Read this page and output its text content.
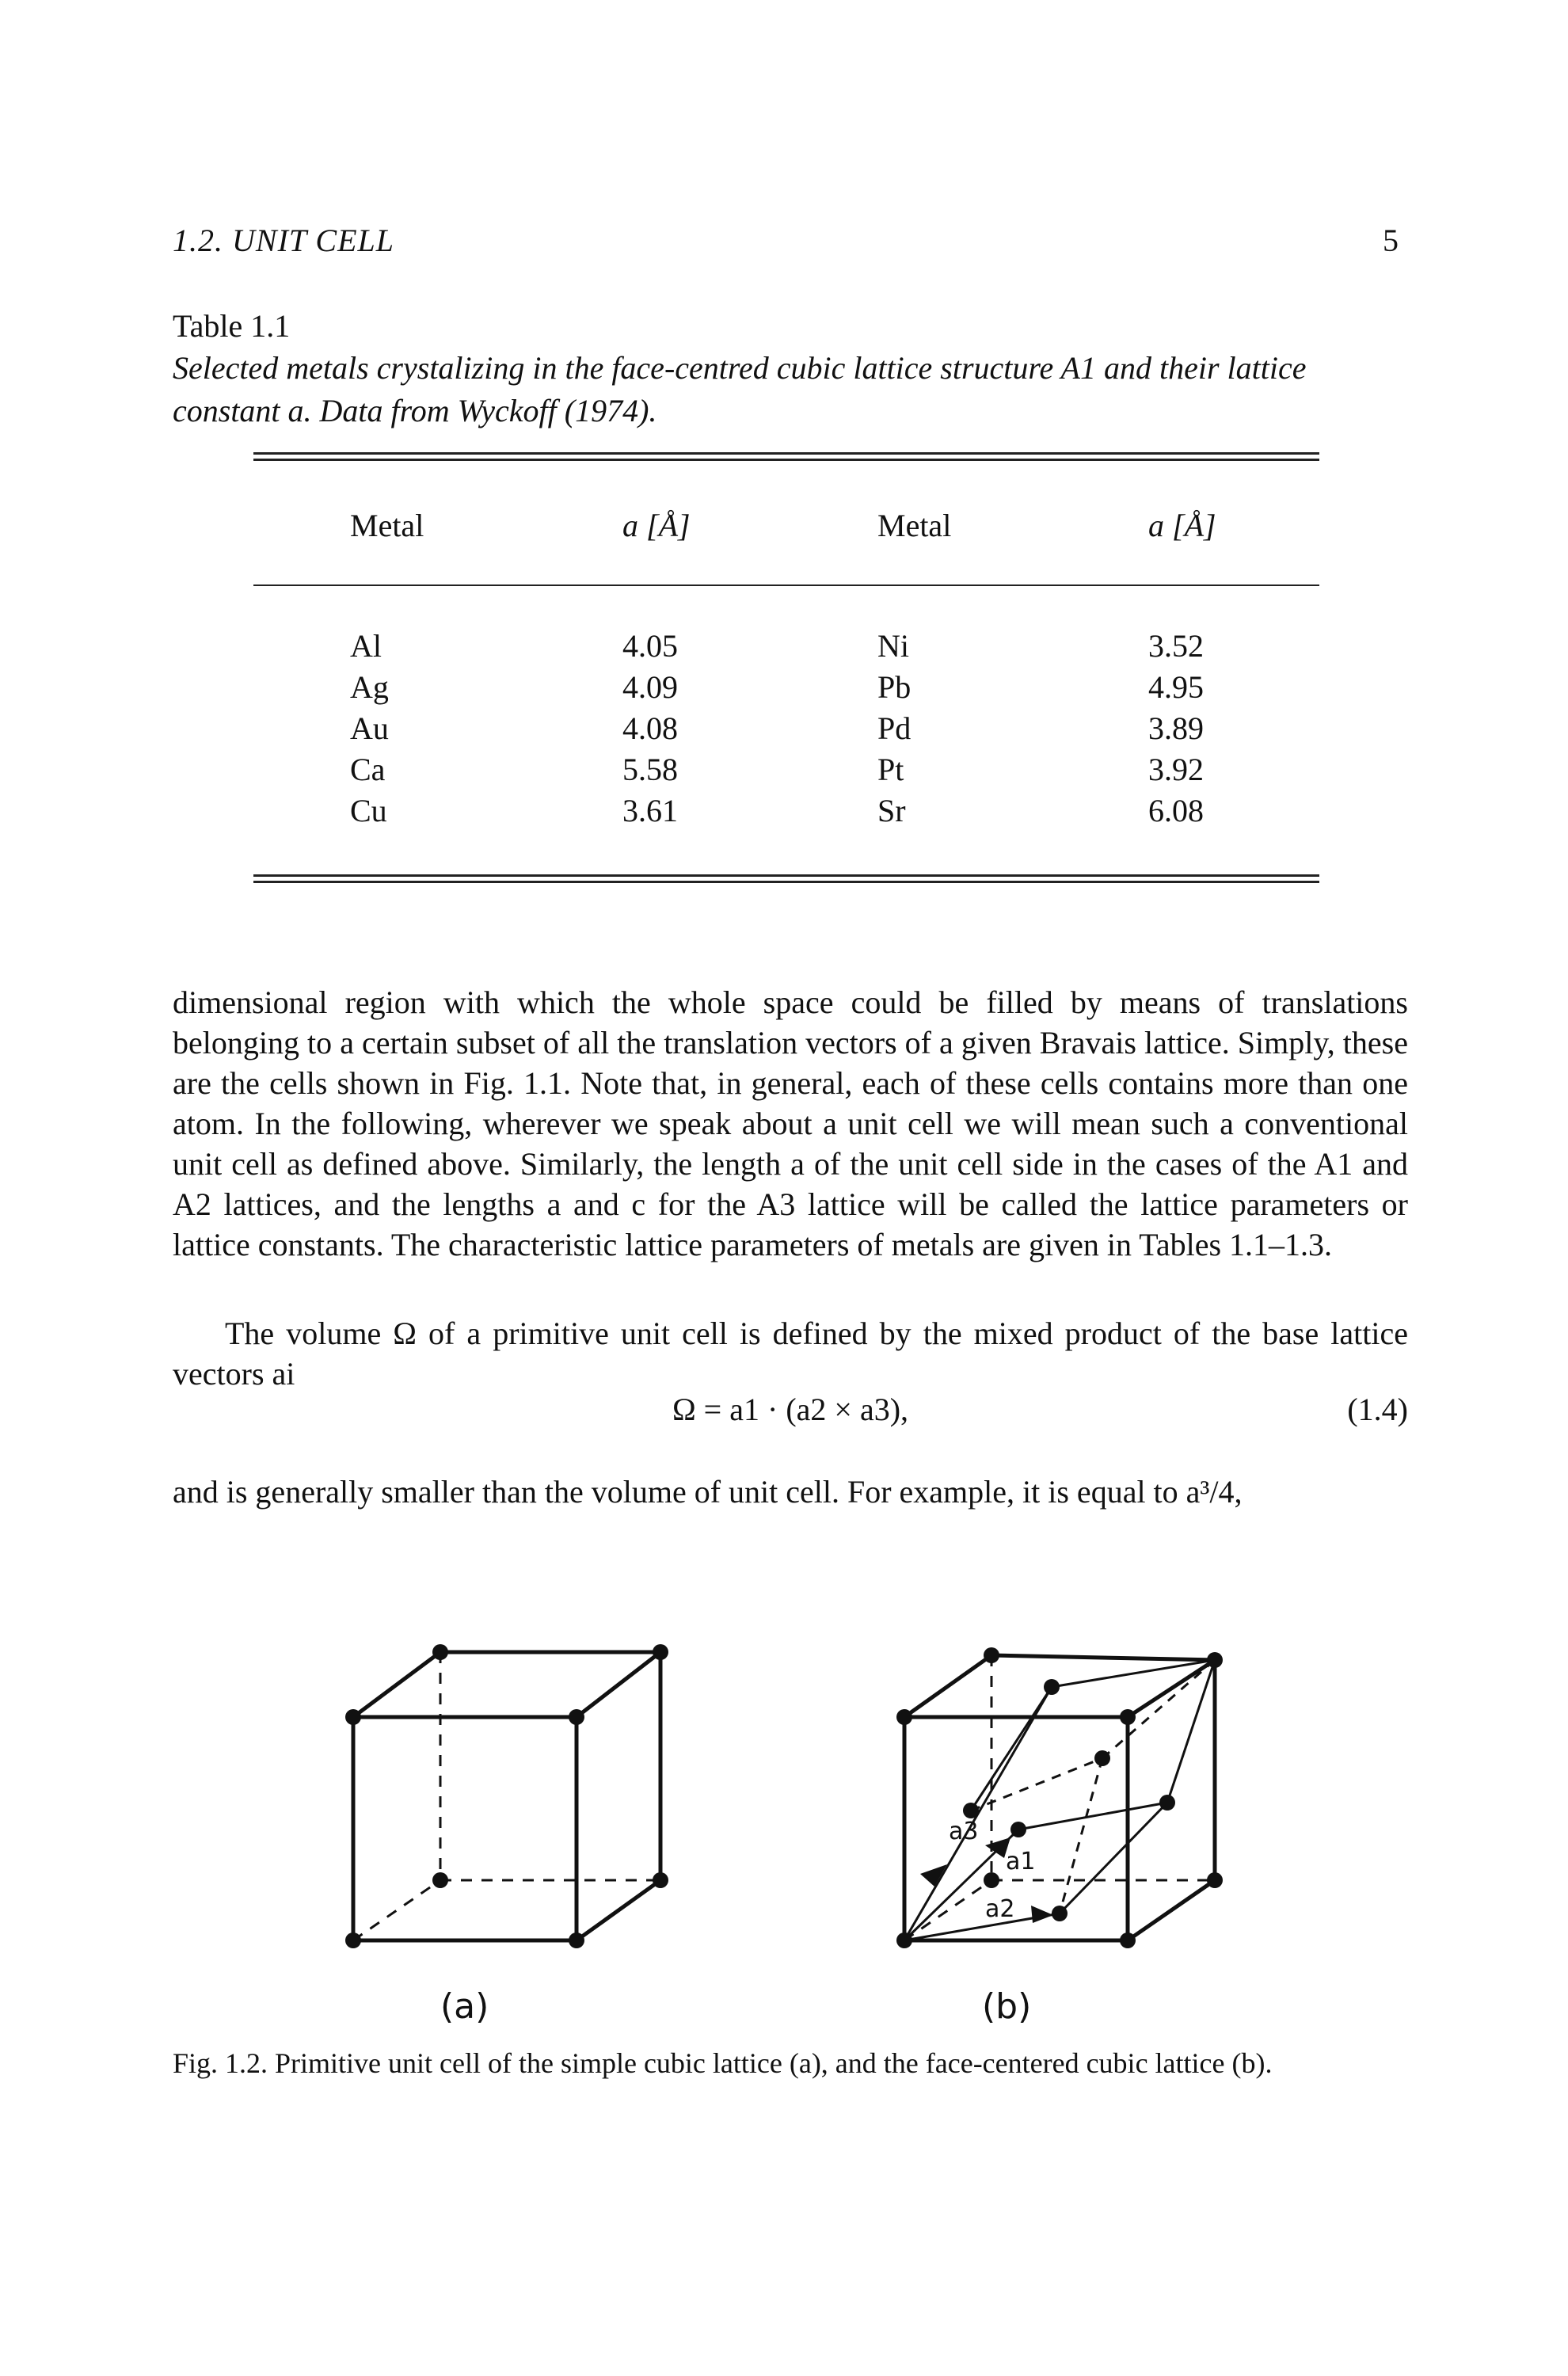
1.2. UNIT CELL	5
Table 1.1
Selected metals crystalizing in the face-centred cubic lattice structure A1 and their lattice constant a. Data from Wyckoff (1974).
Metal	a [Å]	Metal	a [Å]
Al	4.05	Ni	3.52
Ag	4.09	Pb	4.95
Au	4.08	Pd	3.89
Ca	5.58	Pt	3.92
Cu	3.61	Sr	6.08
dimensional region with which the whole space could be filled by means of translations belonging to a certain subset of all the translation vectors of a given Bravais lattice. Simply, these are the cells shown in Fig. 1.1. Note that, in general, each of these cells contains more than one atom. In the following, wherever we speak about a unit cell we will mean such a conventional unit cell as defined above. Similarly, the length a of the unit cell side in the cases of the A1 and A2 lattices, and the lengths a and c for the A3 lattice will be called the lattice parameters or lattice constants. The characteristic lattice parameters of metals are given in Tables 1.1–1.3.
The volume Ω of a primitive unit cell is defined by the mixed product of the base lattice vectors ai
Ω = a1 · (a2 × a3),	(1.4)
and is generally smaller than the volume of unit cell. For example, it is equal to a³/4,
a3
a1
a2
(a)	(b)
Fig. 1.2. Primitive unit cell of the simple cubic lattice (a), and the face-centered cubic lattice (b).
